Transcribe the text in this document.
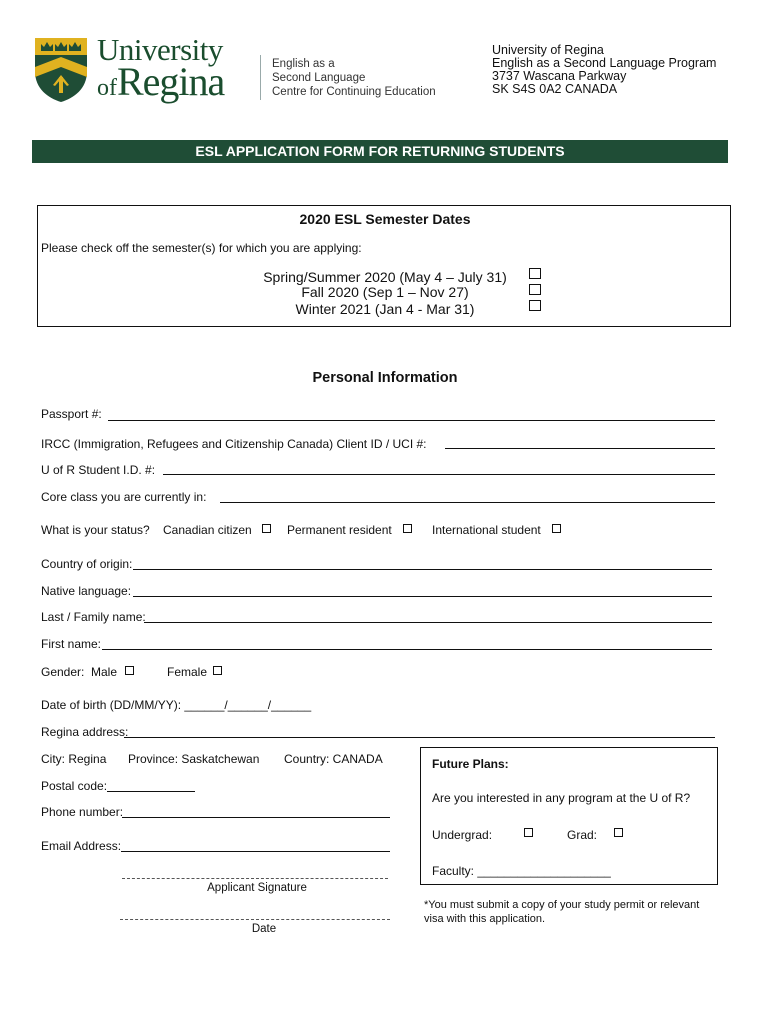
University
ofRegina	English as a
Second Language
Centre for Continuing Education
University of Regina
English as a Second Language Program
3737 Wascana Parkway
SK S4S 0A2 CANADA
ESL APPLICATION FORM FOR RETURNING STUDENTS
2020 ESL Semester Dates
Please check off the semester(s) for which you are applying:
Spring/Summer 2020 (May 4 – July 31)
Fall 2020 (Sep 1 – Nov 27)
Winter 2021 (Jan 4 - Mar 31)
Personal Information
Passport #:
IRCC (Immigration, Refugees and Citizenship Canada) Client ID / UCI #:
U of R Student I.D. #:
Core class you are currently in:
What is your status? Canadian citizen	Permanent resident	International student
Country of origin:
Native language:
Last / Family name:
First name:
Gender: Male	Female
Date of birth (DD/MM/YY): ______/______/______
Regina address:
City: Regina Province: Saskatchewan Country: CANADA
Postal code:
Phone number:
Email Address:
Applicant Signature
Date
Future Plans:
Are you interested in any program at the U of R?
Undergrad:	Grad:
Faculty: ____________________
*You must submit a copy of your study permit or relevant
visa with this application.
